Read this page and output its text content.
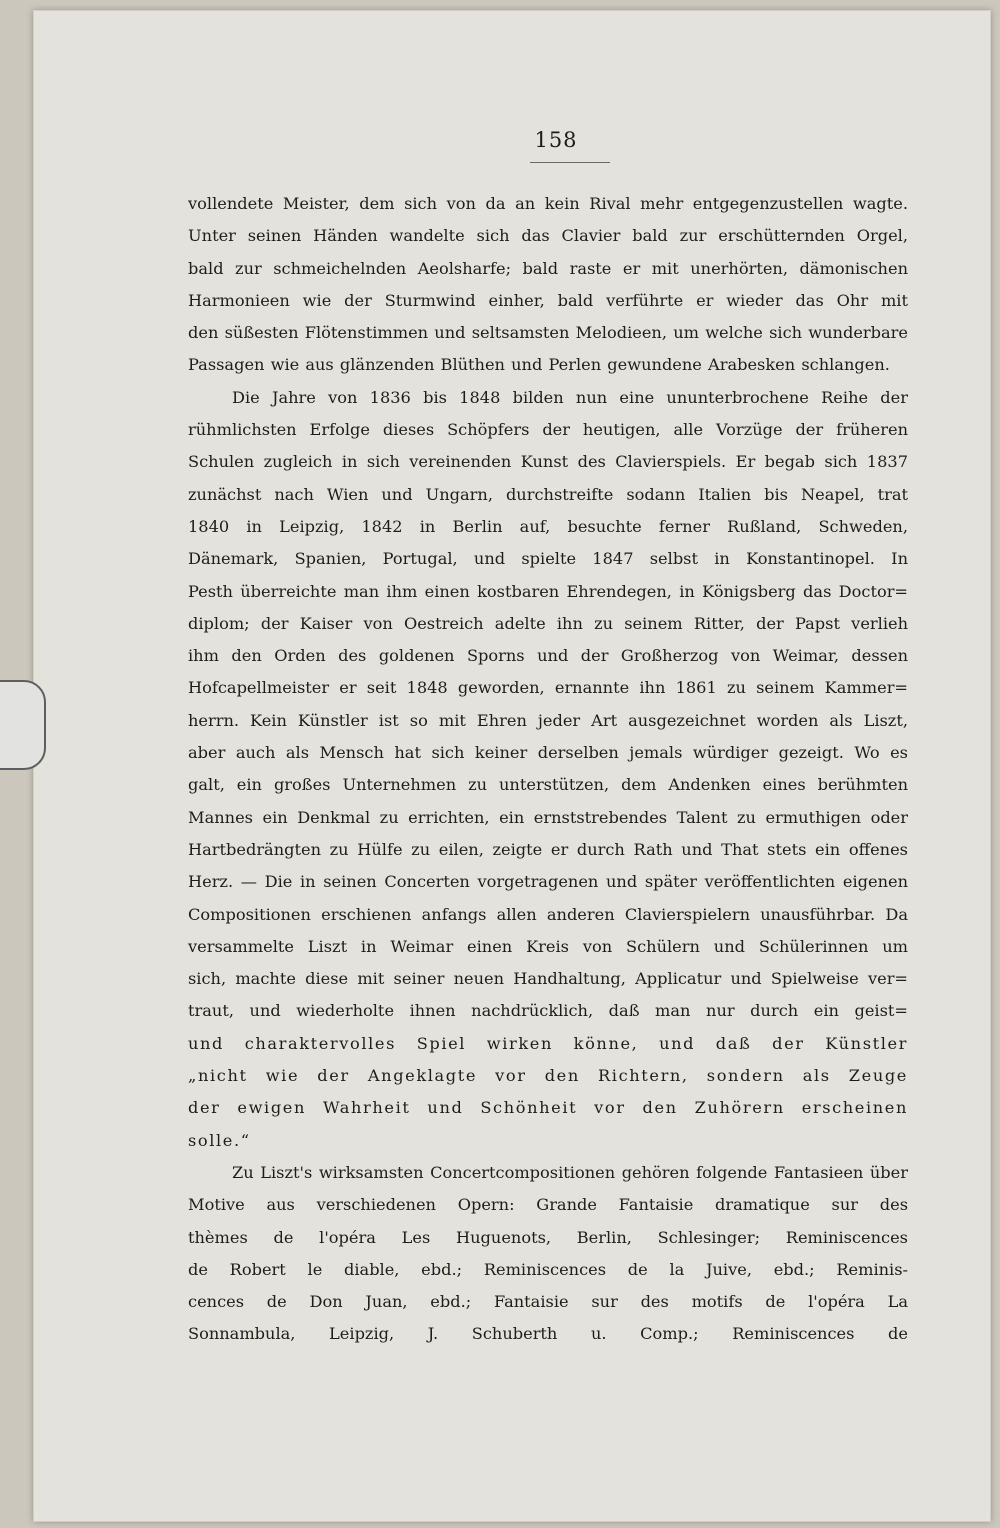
158
vollendete Meister, dem sich von da an kein Rival mehr entgegenzustellen wagte.
Unter seinen Händen wandelte sich das Clavier bald zur erschütternden Orgel,
bald zur schmeichelnden Aeolsharfe; bald raste er mit unerhörten, dämonischen
Harmonieen wie der Sturmwind einher, bald verführte er wieder das Ohr mit
den süßesten Flötenstimmen und seltsamsten Melodieen, um welche sich wunderbare
Passagen wie aus glänzenden Blüthen und Perlen gewundene Arabesken schlangen.
Die Jahre von 1836 bis 1848 bilden nun eine ununterbrochene Reihe der
rühmlichsten Erfolge dieses Schöpfers der heutigen, alle Vorzüge der früheren
Schulen zugleich in sich vereinenden Kunst des Clavierspiels. Er begab sich 1837
zunächst nach Wien und Ungarn, durchstreifte sodann Italien bis Neapel, trat
1840 in Leipzig, 1842 in Berlin auf, besuchte ferner Rußland, Schweden,
Dänemark, Spanien, Portugal, und spielte 1847 selbst in Konstantinopel. In
Pesth überreichte man ihm einen kostbaren Ehrendegen, in Königsberg das Doctor=
diplom; der Kaiser von Oestreich adelte ihn zu seinem Ritter, der Papst verlieh
ihm den Orden des goldenen Sporns und der Großherzog von Weimar, dessen
Hofcapellmeister er seit 1848 geworden, ernannte ihn 1861 zu seinem Kammer=
herrn. Kein Künstler ist so mit Ehren jeder Art ausgezeichnet worden als Liszt,
aber auch als Mensch hat sich keiner derselben jemals würdiger gezeigt. Wo es
galt, ein großes Unternehmen zu unterstützen, dem Andenken eines berühmten
Mannes ein Denkmal zu errichten, ein ernststrebendes Talent zu ermuthigen oder
Hartbedrängten zu Hülfe zu eilen, zeigte er durch Rath und That stets ein offenes
Herz. — Die in seinen Concerten vorgetragenen und später veröffentlichten eigenen
Compositionen erschienen anfangs allen anderen Clavierspielern unausführbar. Da
versammelte Liszt in Weimar einen Kreis von Schülern und Schülerinnen um
sich, machte diese mit seiner neuen Handhaltung, Applicatur und Spielweise ver=
traut, und wiederholte ihnen nachdrücklich, daß man nur durch ein geist=
und charaktervolles Spiel wirken könne, und daß der Künstler
„nicht wie der Angeklagte vor den Richtern, sondern als Zeuge
der ewigen Wahrheit und Schönheit vor den Zuhörern erscheinen
solle.“
Zu Liszt's wirksamsten Concertcompositionen gehören folgende Fantasieen über
Motive aus verschiedenen Opern: Grande Fantaisie dramatique sur des
thèmes de l'opéra Les Huguenots, Berlin, Schlesinger; Reminiscences
de Robert le diable, ebd.; Reminiscences de la Juive, ebd.; Reminis-
cences de Don Juan, ebd.; Fantaisie sur des motifs de l'opéra La
Sonnambula, Leipzig, J. Schuberth u. Comp.; Reminiscences de
